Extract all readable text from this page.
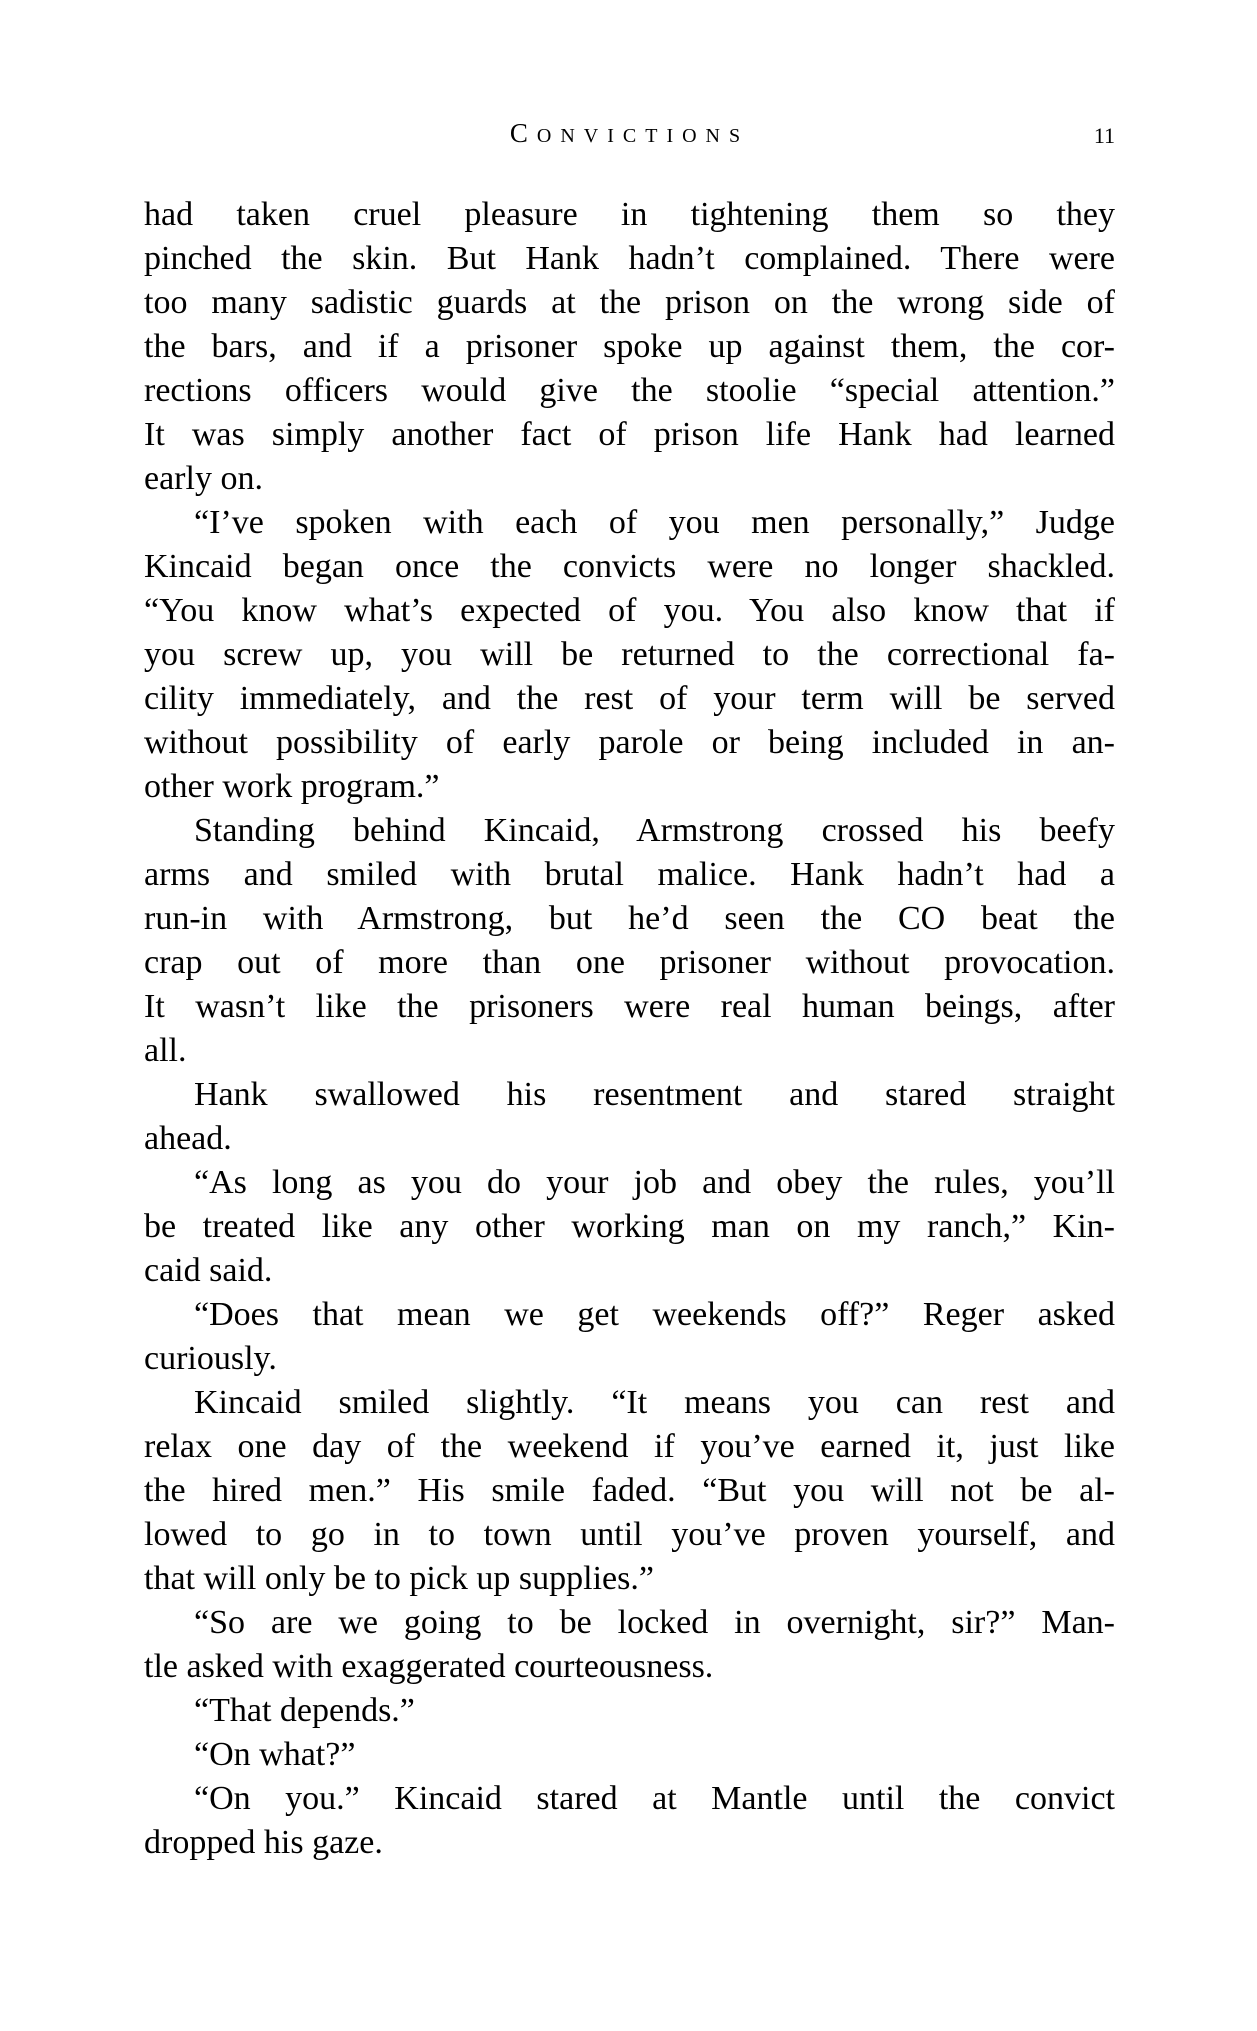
CONVICTIONS	11
had taken cruel pleasure in tightening them so they
pinched the skin. But Hank hadn’t complained. There were
too many sadistic guards at the prison on the wrong side of
the bars, and if a prisoner spoke up against them, the cor-
rections officers would give the stoolie “special attention.”
It was simply another fact of prison life Hank had learned
early on.
“I’ve spoken with each of you men personally,” Judge
Kincaid began once the convicts were no longer shackled.
“You know what’s expected of you. You also know that if
you screw up, you will be returned to the correctional fa-
cility immediately, and the rest of your term will be served
without possibility of early parole or being included in an-
other work program.”
Standing behind Kincaid, Armstrong crossed his beefy
arms and smiled with brutal malice. Hank hadn’t had a
run-in with Armstrong, but he’d seen the CO beat the
crap out of more than one prisoner without provocation.
It wasn’t like the prisoners were real human beings, after
all.
Hank swallowed his resentment and stared straight
ahead.
“As long as you do your job and obey the rules, you’ll
be treated like any other working man on my ranch,” Kin-
caid said.
“Does that mean we get weekends off?” Reger asked
curiously.
Kincaid smiled slightly. “It means you can rest and
relax one day of the weekend if you’ve earned it, just like
the hired men.” His smile faded. “But you will not be al-
lowed to go in to town until you’ve proven yourself, and
that will only be to pick up supplies.”
“So are we going to be locked in overnight, sir?” Man-
tle asked with exaggerated courteousness.
“That depends.”
“On what?”
“On you.” Kincaid stared at Mantle until the convict
dropped his gaze.
